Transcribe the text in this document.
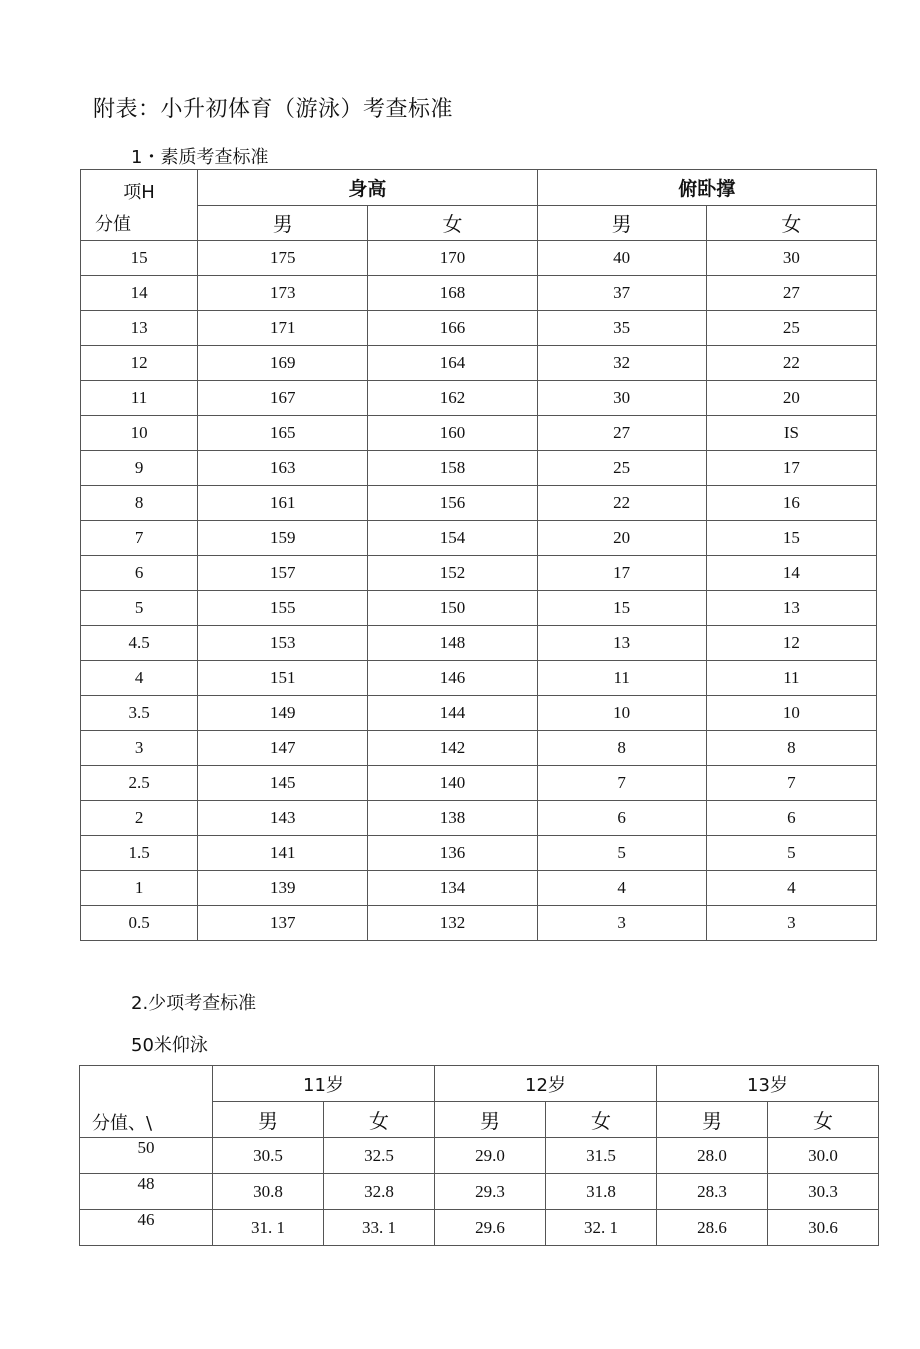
附表：小升初体育（游泳）考查标准
1・素质考查标准
项H
分值	身高		俯卧撑	
	男	女	男	女
15	175	170	40	30
14	173	168	37	27
13	171	166	35	25
12	169	164	32	22
11	167	162	30	20
10	165	160	27	IS
9	163	158	25	17
8	161	156	22	16
7	159	154	20	15
6	157	152	17	14
5	155	150	15	13
4.5	153	148	13	12
4	151	146	11	11
3.5	149	144	10	10
3	147	142	8	8
2.5	145	140	7	7
2	143	138	6	6
1.5	141	136	5	5
1	139	134	4	4
0.5	137	132	3	3
2.少项考查标准
50米仰泳
分值、\	11岁		12岁		13岁	
	男	女	男	女	男	女
50	30.5	32.5	29.0	31.5	28.0	30.0
48	30.8	32.8	29.3	31.8	28.3	30.3
46	31. 1	33. 1	29.6	32. 1	28.6	30.6
